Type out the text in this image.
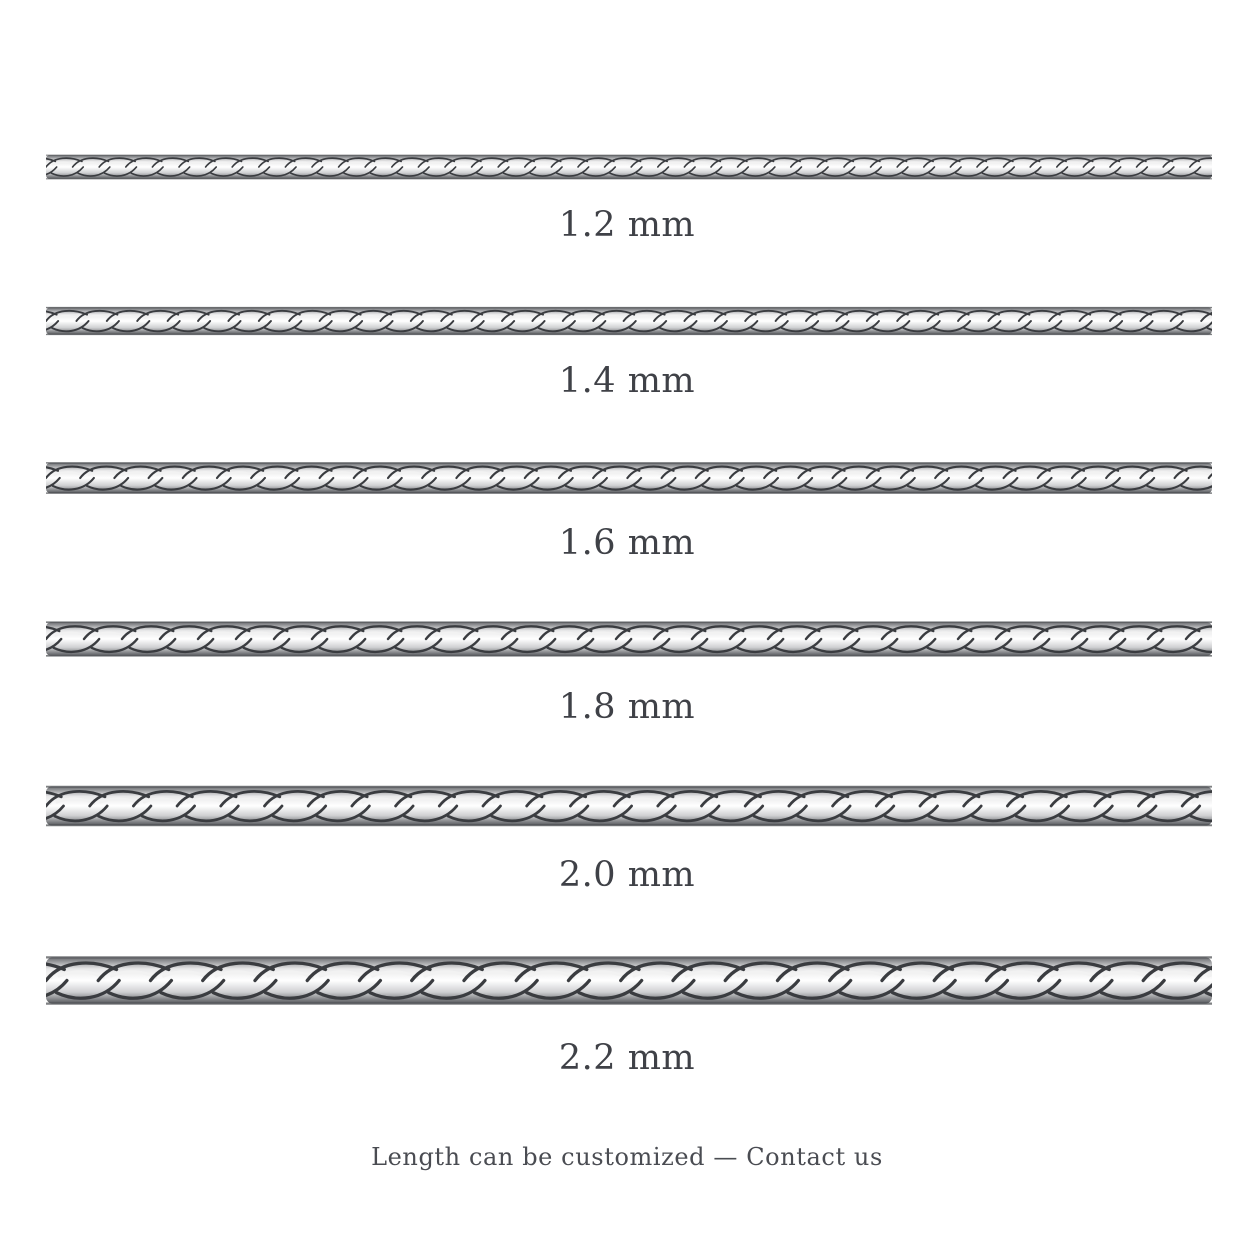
1.2 mm
1.4 mm
1.6 mm
1.8 mm
2.0 mm
2.2 mm
Length can be customized — Contact us
